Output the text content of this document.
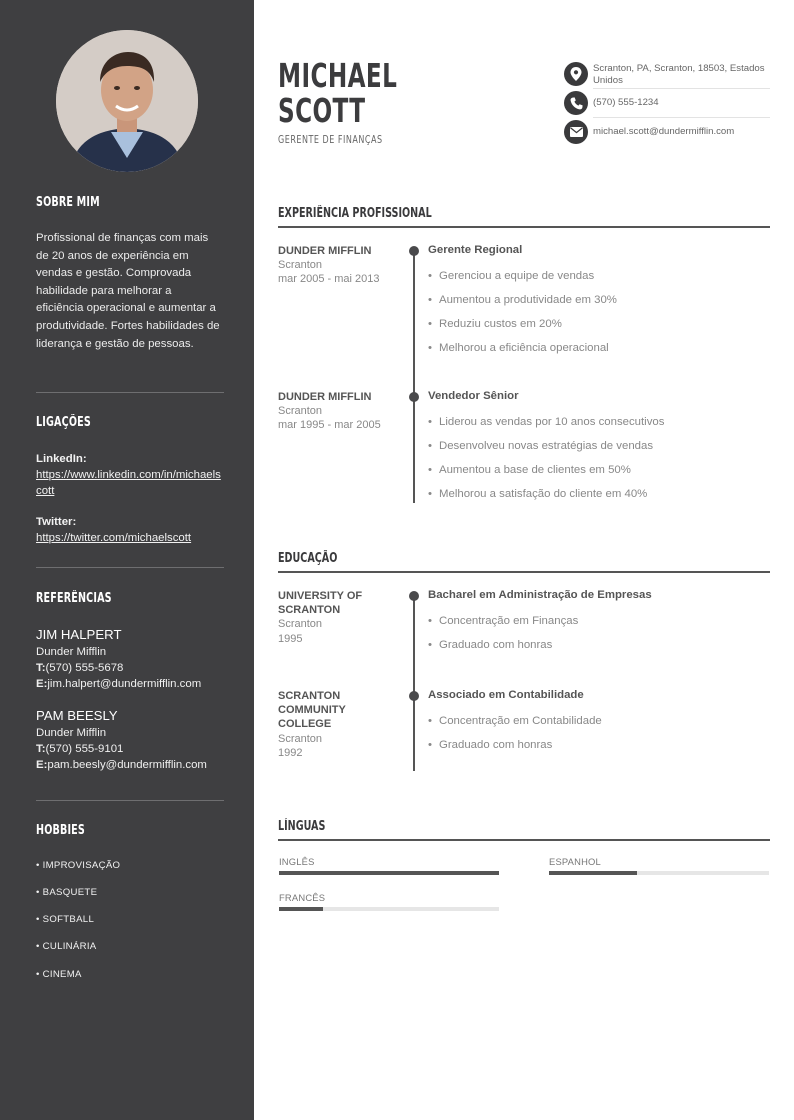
SOBRE MIM
Profissional de finanças com mais de 20 anos de experiência em vendas e gestão. Comprovada habilidade para melhorar a eficiência operacional e aumentar a produtividade. Fortes habilidades de liderança e gestão de pessoas.
LIGAÇÕES
LinkedIn:
https://www.linkedin.com/in/michaelscott
Twitter:
https://twitter.com/michaelscott
REFERÊNCIAS
JIM HALPERT
Dunder Mifflin
T:(570) 555-5678
E:jim.halpert@dundermifflin.com
PAM BEESLY
Dunder Mifflin
T:(570) 555-9101
E:pam.beesly@dundermifflin.com
HOBBIES
• IMPROVISAÇÃO
• BASQUETE
• SOFTBALL
• CULINÁRIA
• CINEMA
MICHAEL
SCOTT
GERENTE DE FINANÇAS
Scranton, PA, Scranton, 18503, Estados Unidos
(570) 555-1234
michael.scott@dundermifflin.com
EXPERIÊNCIA PROFISSIONAL
DUNDER MIFFLIN
Scranton
mar 2005 - mai 2013
Gerente Regional
• Gerenciou a equipe de vendas
• Aumentou a produtividade em 30%
• Reduziu custos em 20%
• Melhorou a eficiência operacional
DUNDER MIFFLIN
Scranton
mar 1995 - mar 2005
Vendedor Sênior
• Liderou as vendas por 10 anos consecutivos
• Desenvolveu novas estratégias de vendas
• Aumentou a base de clientes em 50%
• Melhorou a satisfação do cliente em 40%
EDUCAÇÃO
UNIVERSITY OF
SCRANTON
Scranton
1995
Bacharel em Administração de Empresas
• Concentração em Finanças
• Graduado com honras
SCRANTON
COMMUNITY
COLLEGE
Scranton
1992
Associado em Contabilidade
• Concentração em Contabilidade
• Graduado com honras
LÍNGUAS
INGLÊS	ESPANHOL
FRANCÊS
